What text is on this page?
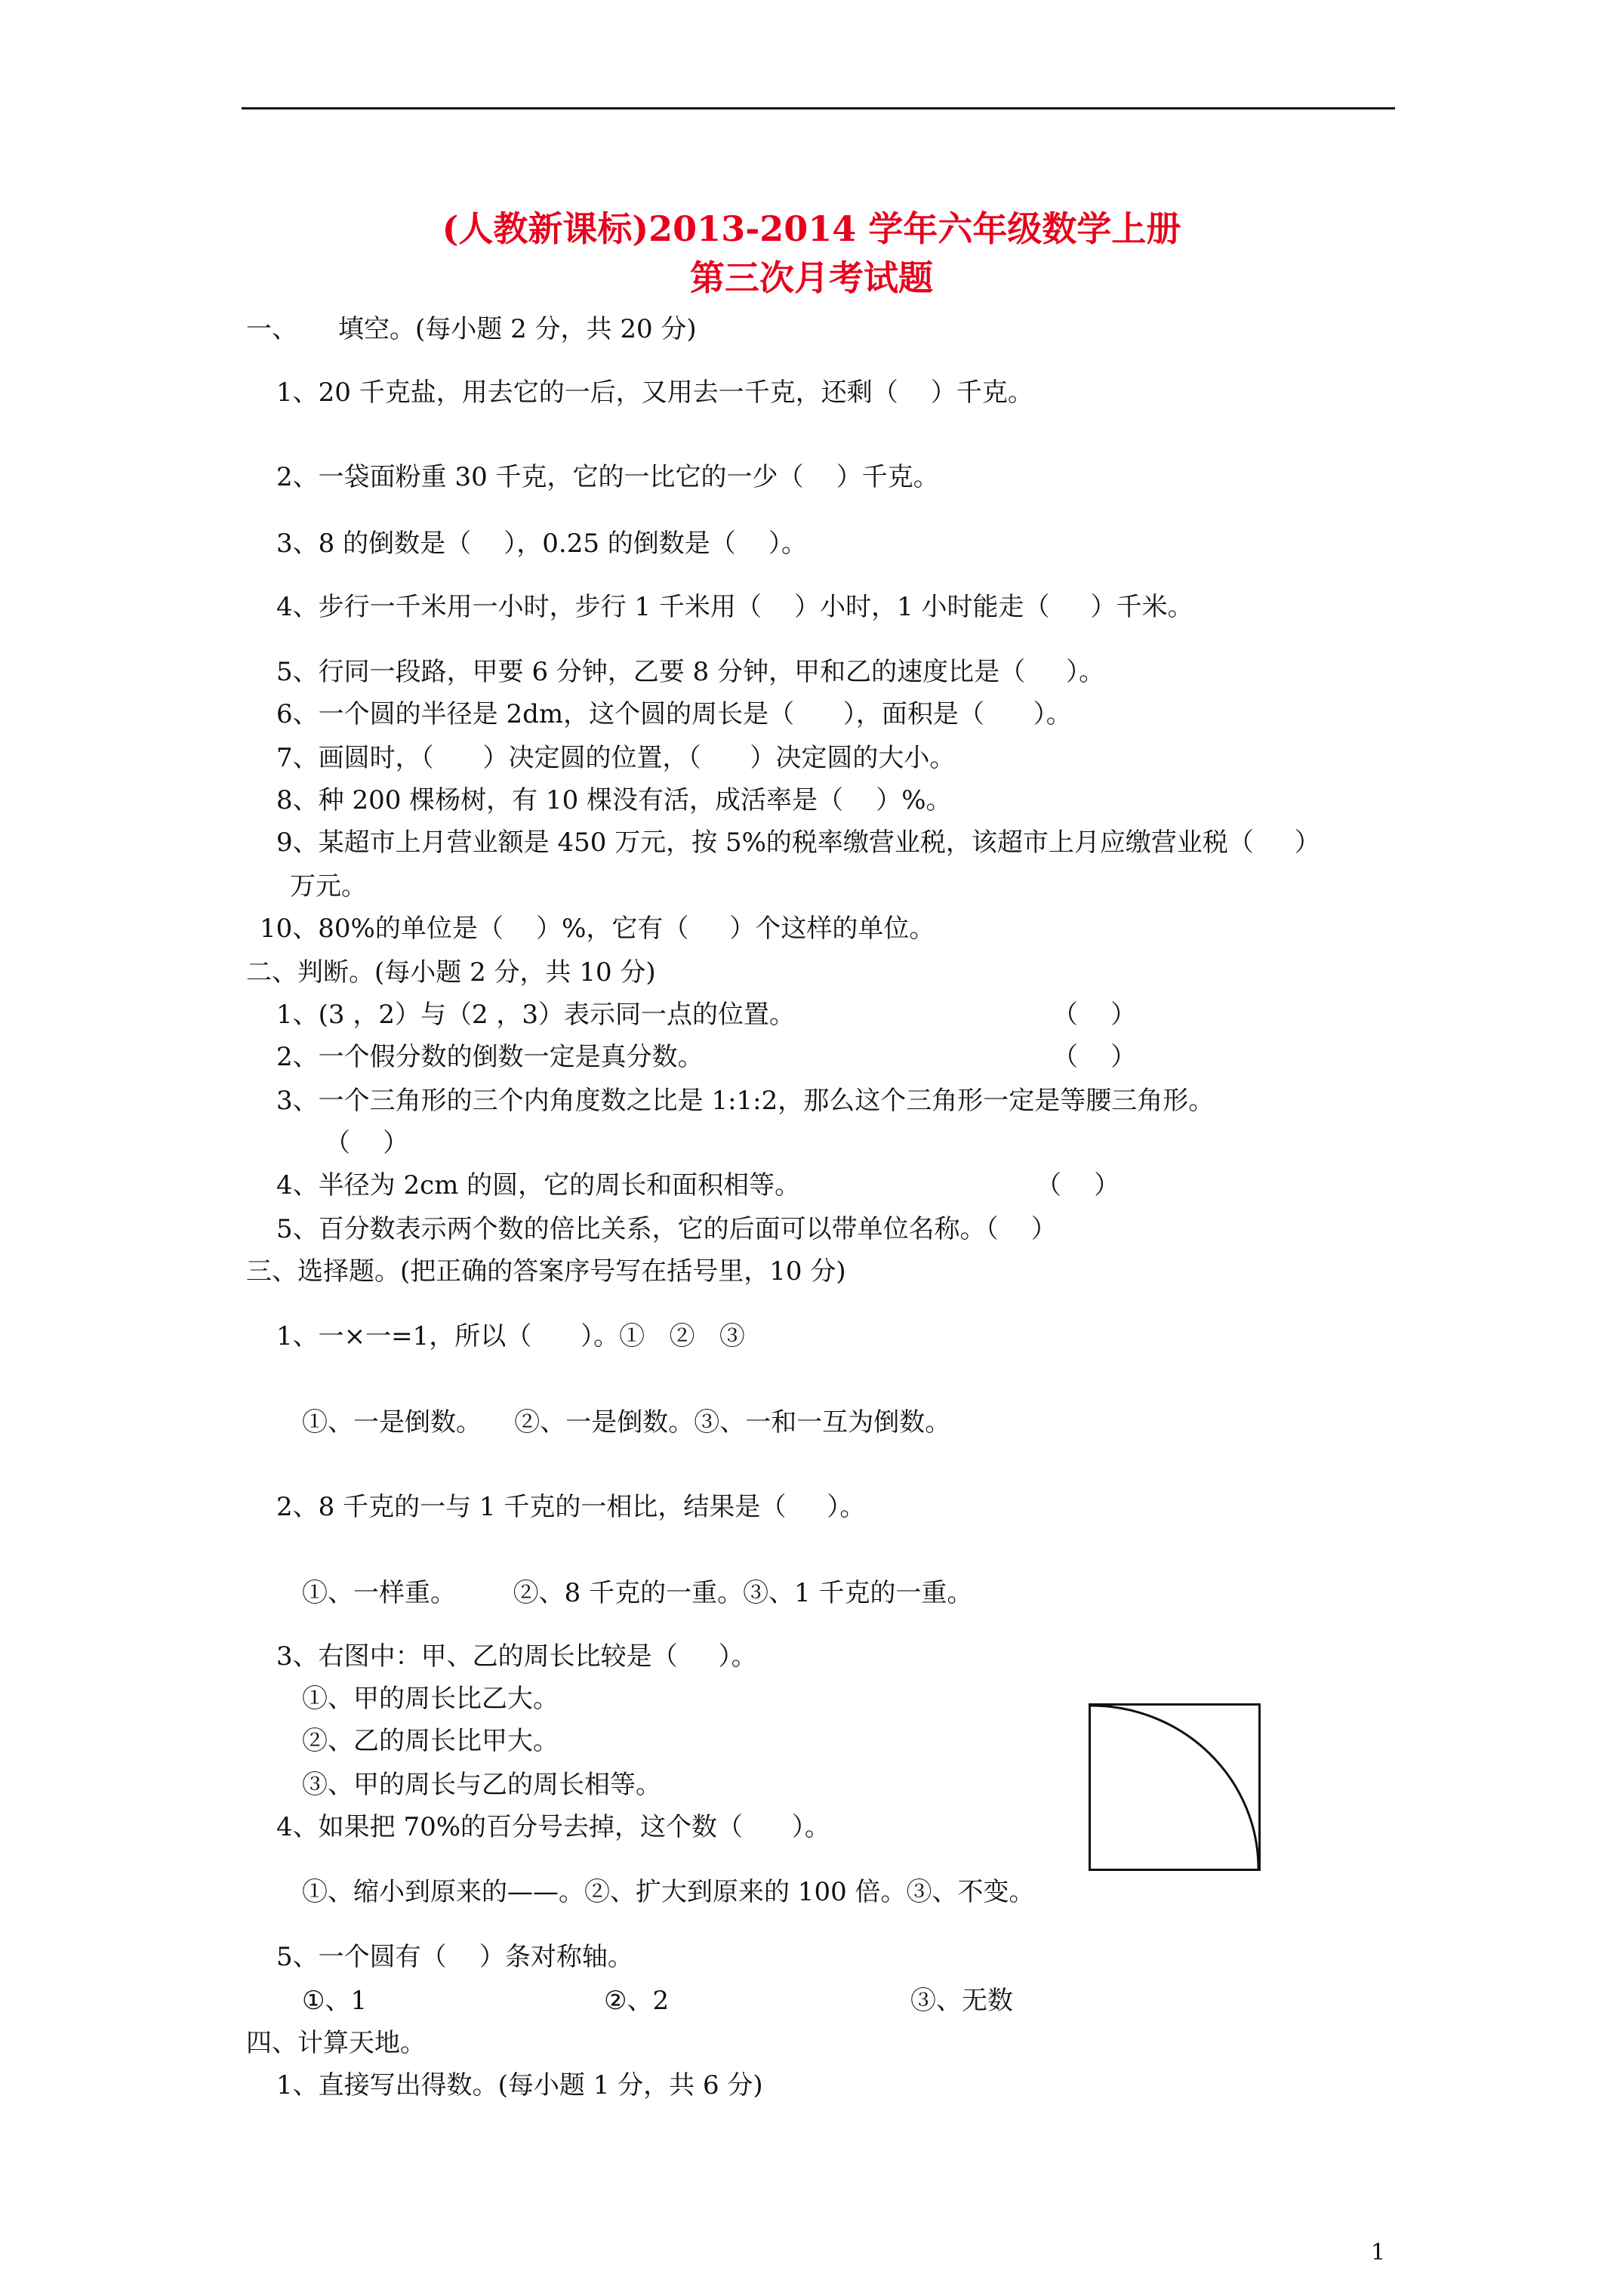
(人教新课标)2013-2014 学年六年级数学上册
第三次月考试题
一、     填空。(每小题 2 分，共 20 分)
1、20 千克盐，用去它的一后，又用去一千克，还剩（    ）千克。
2、一袋面粉重 30 千克，它的一比它的一少（    ）千克。
3、8 的倒数是（    ），0.25 的倒数是（    ）。
4、步行一千米用一小时，步行 1 千米用（    ）小时，1 小时能走（     ）千米。
5、行同一段路，甲要 6 分钟，乙要 8 分钟，甲和乙的速度比是（     ）。
6、一个圆的半径是 2dm，这个圆的周长是（      ），面积是（      ）。
7、画圆时，（      ）决定圆的位置，（      ）决定圆的大小。
8、种 200 棵杨树，有 10 棵没有活，成活率是（    ）%。
9、某超市上月营业额是 450 万元，按 5%的税率缴营业税，该超市上月应缴营业税（     ）
万元。
10、80%的单位是（    ）%，它有（     ）个这样的单位。
二、判断。(每小题 2 分，共 10 分)
1、(3 ，2）与（2 ，3）表示同一点的位置。	（    ）
2、一个假分数的倒数一定是真分数。	（    ）
3、一个三角形的三个内角度数之比是 1:1:2，那么这个三角形一定是等腰三角形。
（    ）
4、半径为 2cm 的圆，它的周长和面积相等。	（    ）
5、百分数表示两个数的倍比关系，它的后面可以带单位名称。（    ）
三、选择题。(把正确的答案序号写在括号里，10 分)
1、一×一=1，所以（      ）。①   ②   ③
①、一是倒数。    ②、一是倒数。③、一和一互为倒数。
2、8 千克的一与 1 千克的一相比，结果是（     ）。
①、一样重。       ②、8 千克的一重。③、1 千克的一重。
3、右图中：甲、乙的周长比较是（     ）。
①、甲的周长比乙大。
②、乙的周长比甲大。
③、甲的周长与乙的周长相等。
4、如果把 70%的百分号去掉，这个数（      ）。
①、缩小到原来的——。②、扩大到原来的 100 倍。③、不变。
5、一个圆有（    ）条对称轴。
①、1	②、2	③、无数
四、计算天地。
1、直接写出得数。(每小题 1 分，共 6 分)
1
